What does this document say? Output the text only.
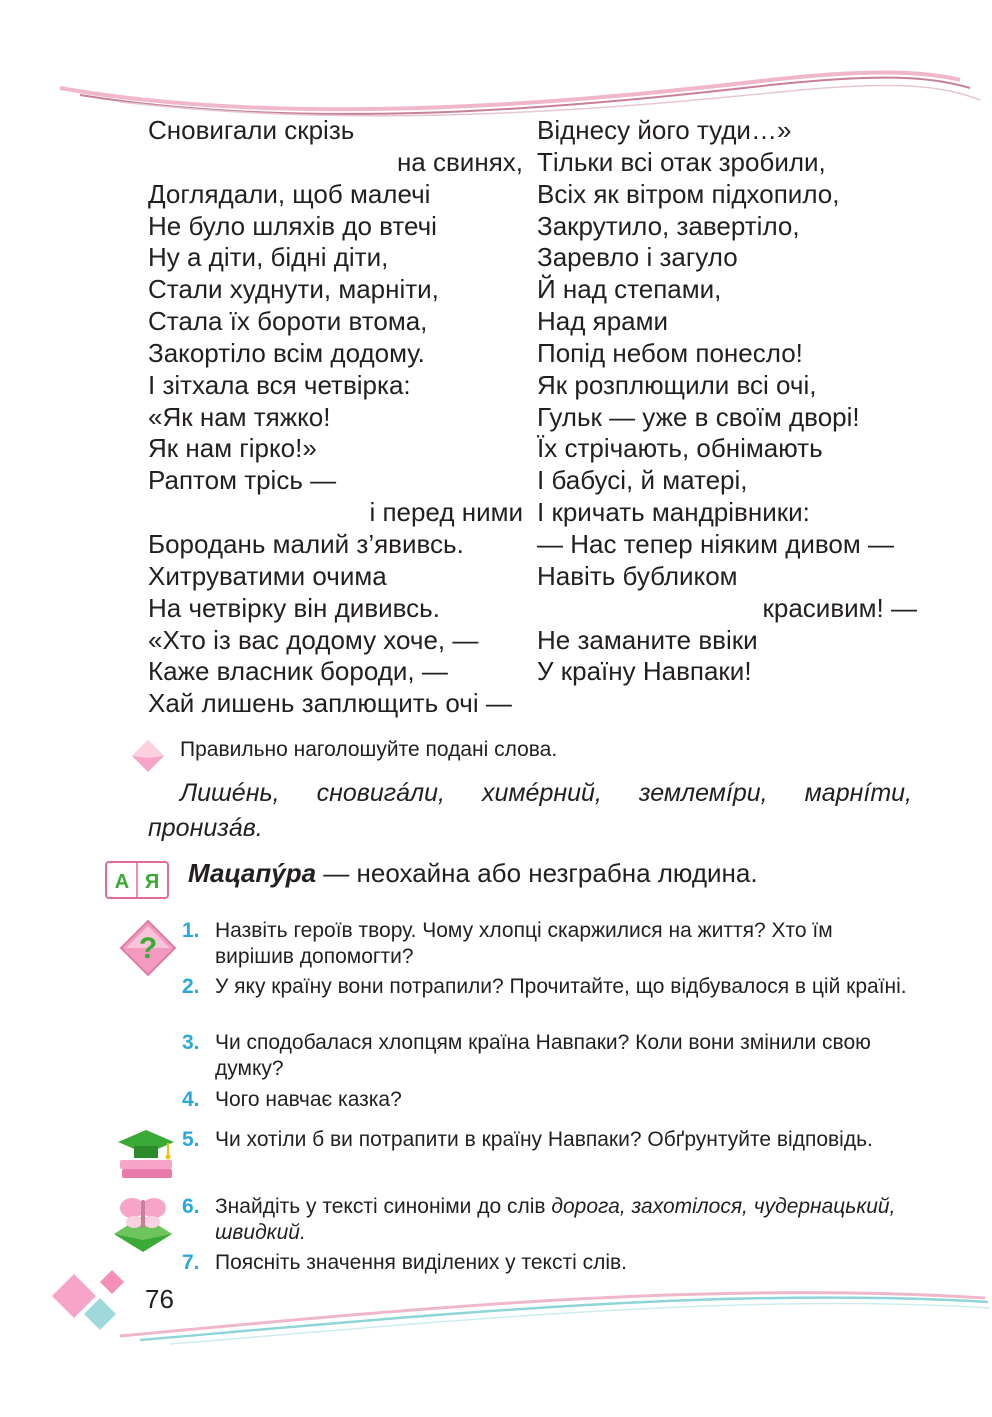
Сновигали скрізь
на свинях,
Доглядали, щоб малечі
Не було шляхів до втечі
Ну а діти, бідні діти,
Стали худнути, марніти,
Стала їх бороти втома,
Закортіло всім додому.
І зітхала вся четвірка:
«Як нам тяжко!
Як нам гірко!»
Раптом трісь —
і перед ними
Бородань малий з’явивсь.
Хитруватими очима
На четвірку він дививсь.
«Хто із вас додому хоче, —
Каже власник бороди, —
Хай лишень заплющить очі —
Віднесу його туди…»
Тільки всі отак зробили,
Всіх як вітром підхопило,
Закрутило, завертіло,
Заревло і загуло
Й над степами,
Над ярами
Попід небом понесло!
Як розплющили всі очі,
Гульк — уже в своїм дворі!
Їх стрічають, обнімають
І бабусі, й матері,
І кричать мандрівники:
— Нас тепер ніяким дивом —
Навіть бубликом
красивим! —
Не заманите ввіки
У країну Навпаки!
Правильно наголошуйте подані слова.
Лишéнь, сновигáли, химéрний, землемíри, марнíти, пронизáв.
А Я Мацапýра — неохайна або незграбна людина.
?
1. Назвіть героїв твору. Чому хлопці скаржилися на життя? Хто їм вирішив допомогти?
2. У яку країну вони потрапили? Прочитайте, що відбувалося в цій країні.
3. Чи сподобалася хлопцям країна Навпаки? Коли вони змінили свою думку?
4. Чого навчає казка?
5. Чи хотіли б ви потрапити в країну Навпаки? Обґрунтуйте відповідь.
6. Знайдіть у тексті синоніми до слів дорога, захотілося, чудернацький, швидкий.
7. Поясніть значення виділених у тексті слів.
76
